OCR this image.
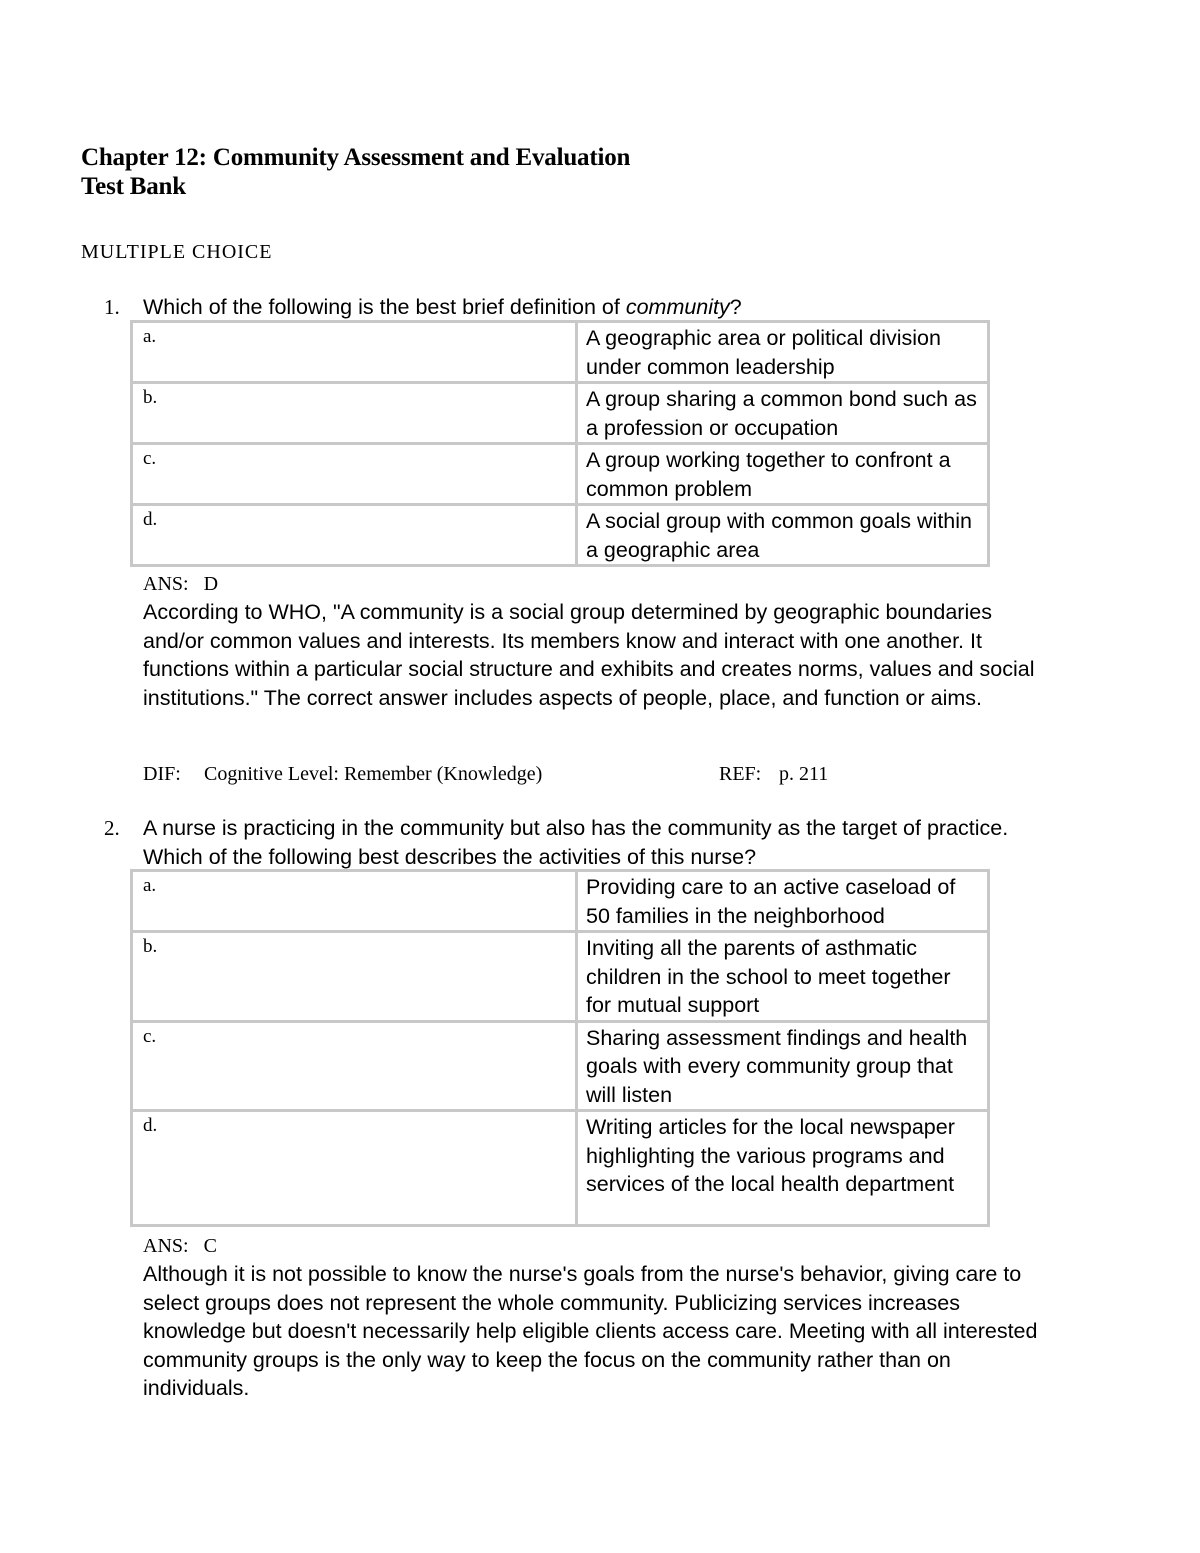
Chapter 12: Community Assessment and Evaluation
Test Bank
MULTIPLE CHOICE
1. Which of the following is the best brief definition of community?
a.	A geographic area or political division under common leadership
b.	A group sharing a common bond such as a profession or occupation
c.	A group working together to confront a common problem
d.	A social group with common goals within a geographic area
ANS:   D
According to WHO, "A community is a social group determined by geographic boundaries and/or common values and interests. Its members know and interact with one another. It functions within a particular social structure and exhibits and creates norms, values and social institutions." The correct answer includes aspects of people, place, and function or aims.
DIF: Cognitive Level: Remember (Knowledge)	REF: p. 211
2. A nurse is practicing in the community but also has the community as the target of practice. Which of the following best describes the activities of this nurse?
a.	Providing care to an active caseload of 50 families in the neighborhood
b.	Inviting all the parents of asthmatic children in the school to meet together for mutual support
c.	Sharing assessment findings and health goals with every community group that will listen
d.	Writing articles for the local newspaper highlighting the various programs and services of the local health department
ANS:   C
Although it is not possible to know the nurse's goals from the nurse's behavior, giving care to select groups does not represent the whole community. Publicizing services increases knowledge but doesn't necessarily help eligible clients access care. Meeting with all interested community groups is the only way to keep the focus on the community rather than on individuals.
